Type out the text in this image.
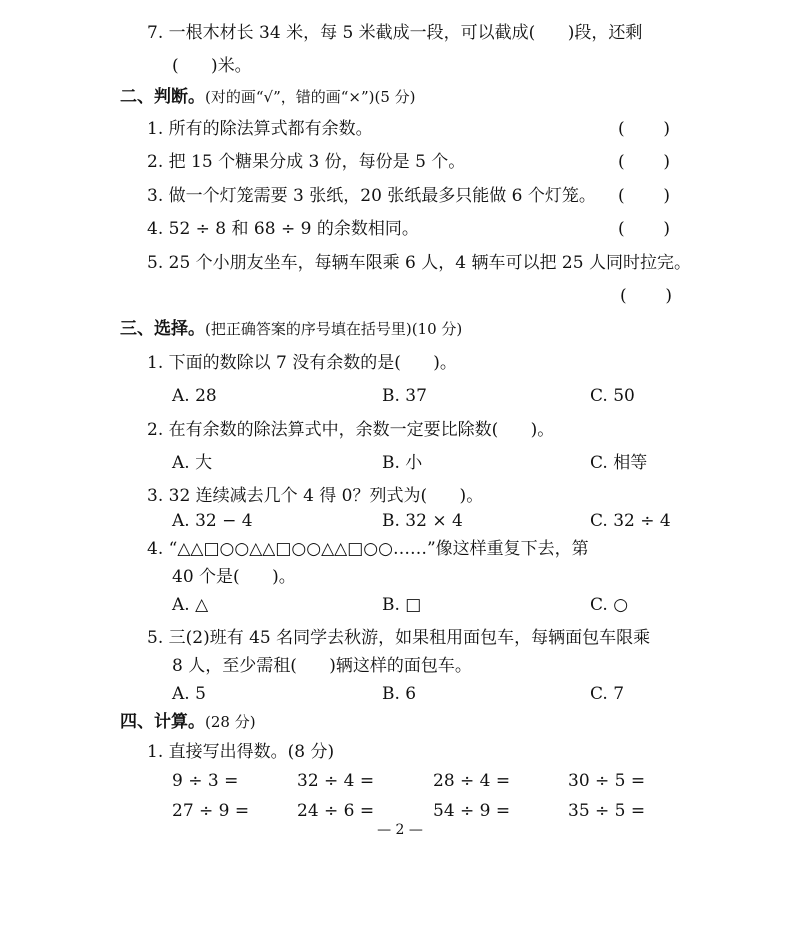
7. 一根木材长 34 米，每 5 米截成一段，可以截成(      )段，还剩
(      )米。
二、判断。(对的画“√”，错的画“×”)(5 分)
1. 所有的除法算式都有余数。	( )
2. 把 15 个糖果分成 3 份，每份是 5 个。	( )
3. 做一个灯笼需要 3 张纸，20 张纸最多只能做 6 个灯笼。 ( )
4. 52 ÷ 8 和 68 ÷ 9 的余数相同。	( )
5. 25 个小朋友坐车，每辆车限乘 6 人，4 辆车可以把 25 人同时拉完。
( )
三、选择。(把正确答案的序号填在括号里)(10 分)
1. 下面的数除以 7 没有余数的是(      )。
A. 28	B. 37	C. 50
2. 在有余数的除法算式中，余数一定要比除数(      )。
A. 大	B. 小	C. 相等
3. 32 连续减去几个 4 得 0？列式为(      )。
A. 32 − 4	B. 32 × 4	C. 32 ÷ 4
4. “△△□○○△△□○○△△□○○……”像这样重复下去，第
40 个是(      )。
A. △	B. □	C. ○
5. 三(2)班有 45 名同学去秋游，如果租用面包车，每辆面包车限乘
8 人，至少需租(      )辆这样的面包车。
A. 5	B. 6	C. 7
四、计算。(28 分)
1. 直接写出得数。(8 分)
9 ÷ 3 =	32 ÷ 4 =	28 ÷ 4 =	30 ÷ 5 =
27 ÷ 9 =	24 ÷ 6 =	54 ÷ 9 =	35 ÷ 5 =
— 2 —
